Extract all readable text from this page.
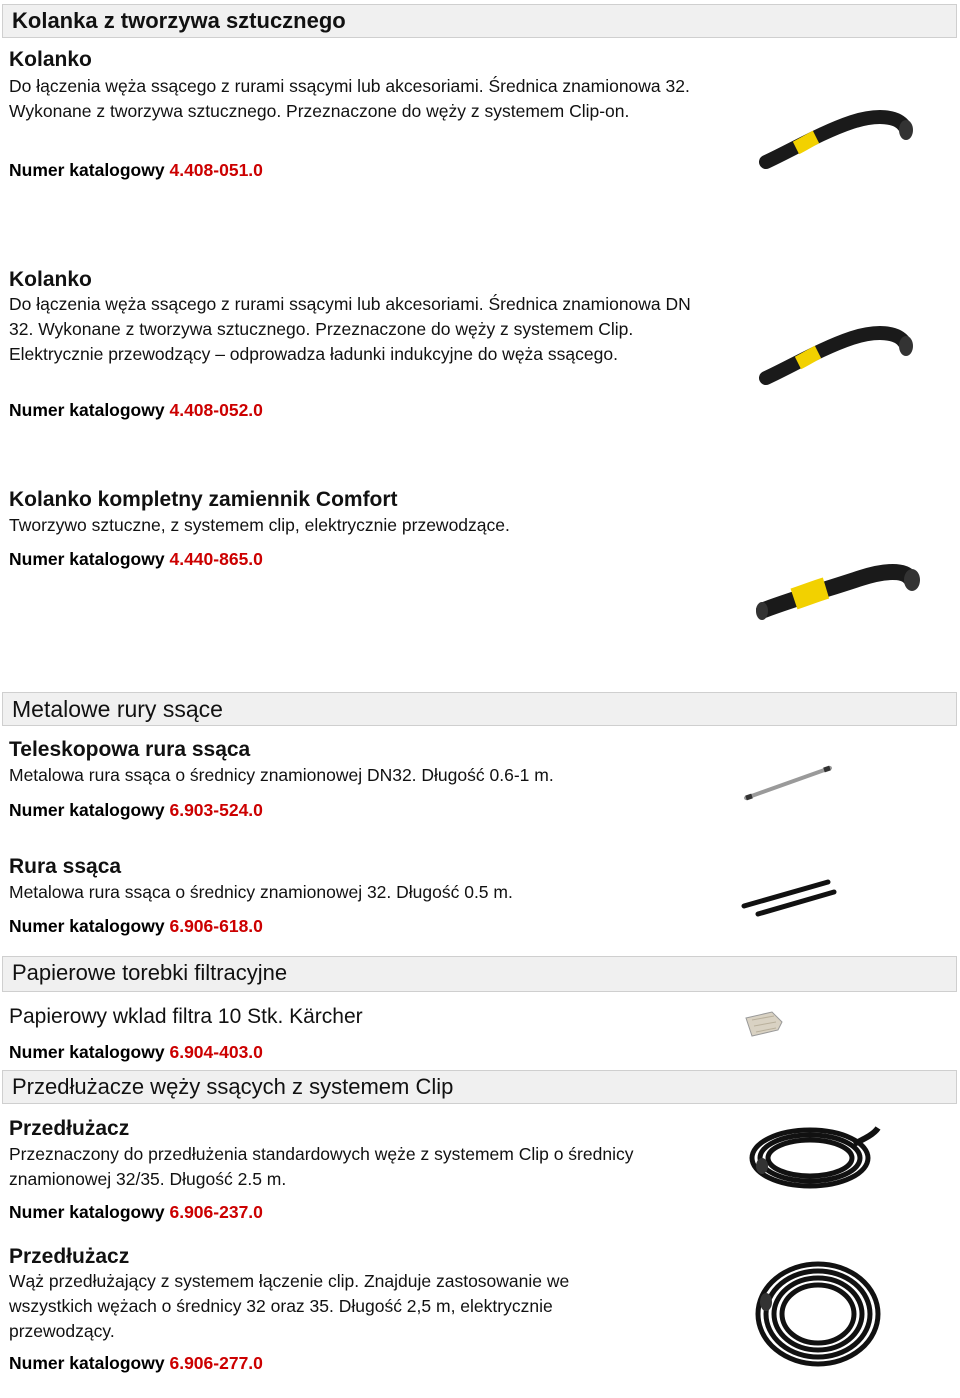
Kolanka z tworzywa sztucznego
Kolanko
Do łączenia węża ssącego z rurami ssącymi lub akcesoriami. Średnica znamionowa 32. Wykonane z tworzywa sztucznego. Przeznaczone do węży z systemem Clip-on.
Numer katalogowy 4.408-051.0
Kolanko
Do łączenia węża ssącego z rurami ssącymi lub akcesoriami. Średnica znamionowa DN 32. Wykonane z tworzywa sztucznego. Przeznaczone do węży z systemem Clip. Elektrycznie przewodzący – odprowadza ładunki indukcyjne do węża ssącego.
Numer katalogowy 4.408-052.0
Kolanko kompletny zamiennik Comfort
Tworzywo sztuczne, z systemem clip, elektrycznie przewodzące.
Numer katalogowy 4.440-865.0
Metalowe rury ssące
Teleskopowa rura ssąca
Metalowa rura ssąca o średnicy znamionowej DN32. Długość 0.6-1 m.
Numer katalogowy 6.903-524.0
Rura ssąca
Metalowa rura ssąca o średnicy znamionowej 32. Długość 0.5 m.
Numer katalogowy 6.906-618.0
Papierowe torebki filtracyjne
Papierowy wklad filtra 10 Stk. Kärcher
Numer katalogowy 6.904-403.0
Przedłużacze węży ssących z systemem Clip
Przedłużacz
Przeznaczony do przedłużenia standardowych węże z systemem Clip o średnicy znamionowej 32/35. Długość 2.5 m.
Numer katalogowy 6.906-237.0
Przedłużacz
Wąż przedłużający z systemem łączenie clip. Znajduje zastosowanie we wszystkich wężach o średnicy 32 oraz 35. Długość 2,5 m, elektrycznie przewodzący.
Numer katalogowy 6.906-277.0
